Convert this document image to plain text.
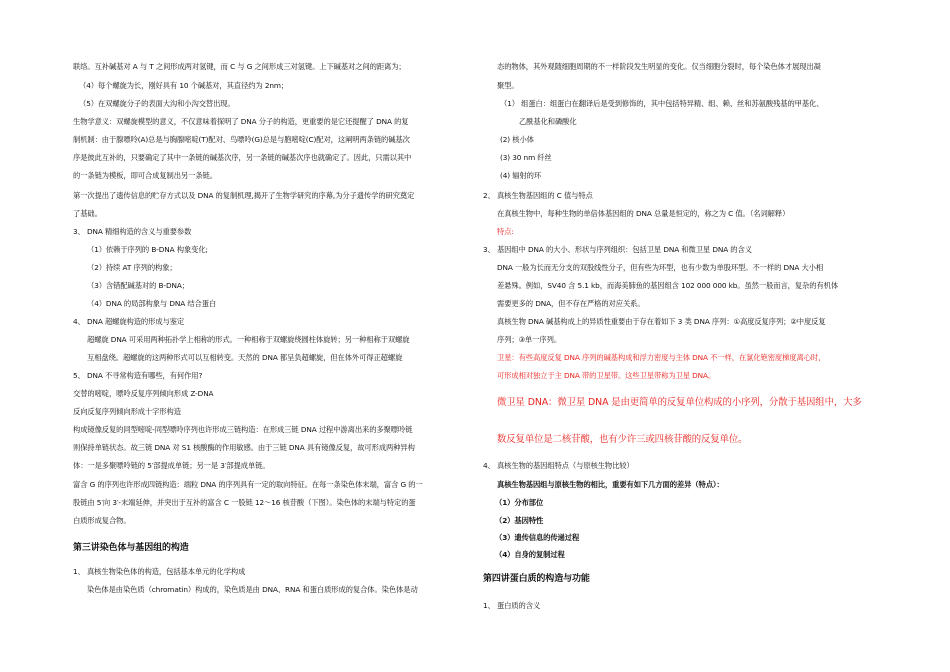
联络。互补碱基对 A 与 T 之间形成两对氢键，而 C 与 G 之间形成三对氢键。上下碱基对之间的距离为；
（4）每个螺旋为长，刚好具有 10 个碱基对，其直径约为 2nm；
（5）在双螺旋分子的表面大沟和小沟交替出现。
生物学意义：双螺旋模型的意义，不仅意味着探明了 DNA 分子的构造，更重要的是它还提醒了 DNA 的复
制机制：由于腺嘌呤(A)总是与胸腺嘧啶(T)配对、鸟嘌呤(G)总是与胞嘧啶(C)配对，这阐明两条链的碱基次
序是彼此互补的，只要确定了其中一条链的碱基次序，另一条链的碱基次序也就确定了。因此，只需以其中
的一条链为模板，即可合成复制出另一条链。
第一次提出了遗传信息的贮存方式以及 DNA 的复制机理,揭开了生物学研究的序幕,为分子遗传学的研究奠定
了基础。
3、 DNA 精细构造的含义与重要参数
（1）依赖于序列的 B-DNA 构象变化;
（2）持续 AT 序列的构象；
（3）含错配碱基对的 B-DNA；
（4）DNA 的局部构象与 DNA 结合蛋白
4、 DNA 超螺旋构造的形成与鉴定
超螺旋 DNA 可采用两种拓扑学上相称的形式。一种相称于双螺旋绕圆柱体旋转；另一种相称于双螺旋
互相盘绕。超螺旋的这两种形式可以互相转变。天然的 DNA 都呈负超螺旋，但在体外可得正超螺旋
5、 DNA 不寻常构造有哪些，有何作用?
交替的嘧啶，嘌呤反复序列倾向形成 Z-DNA
反向反复序列倾向形成十字形构造
构成镜像反复的同型嘧啶-同型嘌呤序列也许形成三链构造：在形成三链 DNA 过程中游离出来的多聚嘌呤链
则保持单链状态。故三链 DNA 对 S1 核酸酶的作用敏感。由于三链 DNA 具有镜像反复，故可形成两种异构
体：一是多聚嘌呤链的 5′部提成单链；另一是 3′部提成单链。
富含 G 的序列也许形成四链构造：端粒 DNA 的序列具有一定的取向特征。在每一条染色体末端，富含 G 的一
股链由 5′向 3′-末端延伸，并突出于互补的富含 C 一股链 12～16 核苷酸（下图）。染色体的末端与特定的蛋
白质形成复合物。
第三讲染色体与基因组的构造
1、 真核生物染色体的构造，包括基本单元的化学构成
染色体是由染色质（chromatin）构成的，染色质是由 DNA、RNA 和蛋白质形成的复合体。染色体是动
态的物体，其外观随细胞周期的不一样阶段发生明显的变化。仅当细胞分裂时，每个染色体才展现出凝
聚型。
（1） 组蛋白：组蛋白在翻译后是受到修饰的，其中包括特异精、组、赖、丝和苏氨酸残基的甲基化、
乙酰基化和磷酸化
(2) 核小体
(3) 30 nm 纤丝
(4) 辐射的环
2、 真核生物基因组的 C 值与特点
在真核生物中，每种生物的单倍体基因组的 DNA 总量是恒定的，称之为 C 值。（名词解释）
特点:
3、 基因组中 DNA 的大小、形状与序列组织：包括卫星 DNA 和微卫星 DNA 的含义
DNA 一般为长而无分支的双股线性分子，但有些为环型，也有少数为单股环型。不一样的 DNA 大小相
差悬殊。例如，SV40 含 5.1 kb，而海美肺鱼的基因组含 102 000 000 kb。虽然一般而言，复杂的有机体
需要更多的 DNA，但不存在严格的对应关系。
真核生物 DNA 碱基构成上的异质性重要由于存在着如下 3 类 DNA 序列：①高度反复序列；②中度反复
序列；③单一序列。
卫星：有些高度反复 DNA 序列的碱基构成和浮力密度与主体 DNA 不一样，在氯化铯密度梯度离心时，
可形成相对独立于主 DNA 带的卫星带。这些卫星带称为卫星 DNA。
微卫星 DNA：微卫星 DNA 是由更简单的反复单位构成的小序列，分散于基因组中，大多
数反复单位是二核苷酸，也有少许三或四核苷酸的反复单位。
4、 真核生物的基因组特点（与原核生物比较）
真核生物基因组与原核生物的相比，重要有如下几方面的差异（特点）：
（1）分布部位
（2）基因特性
（3）遗传信息的传递过程
（4）自身的复制过程
第四讲蛋白质的构造与功能
1、 蛋白质的含义
